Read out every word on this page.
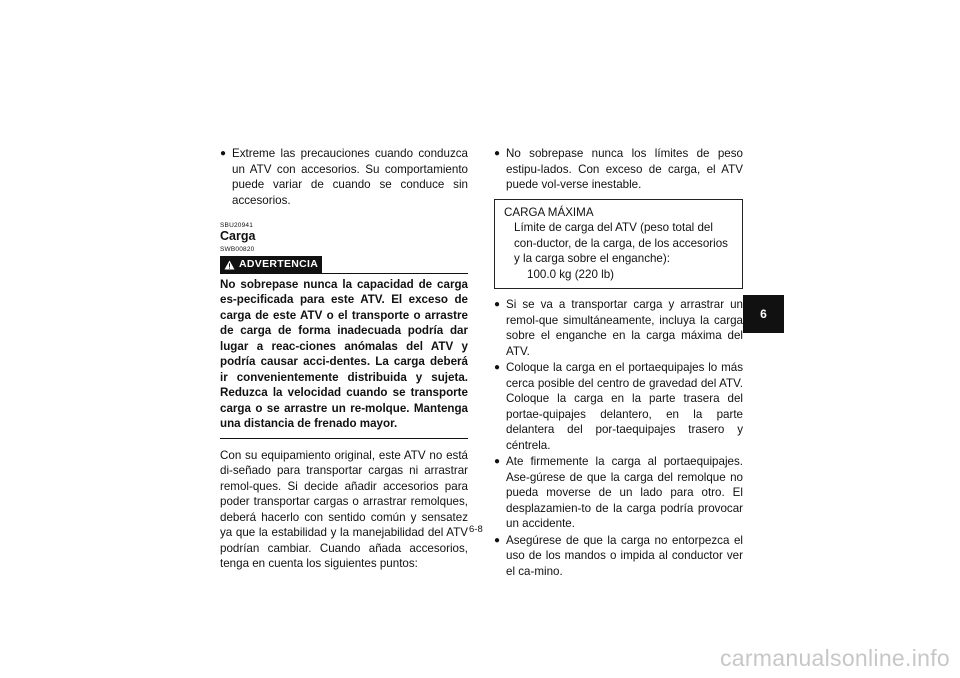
● Extreme las precauciones cuando conduzca un ATV con accesorios. Su comportamiento puede variar de cuando se conduce sin accesorios.
SBU20941
Carga
SWB00820
ADVERTENCIA
No sobrepase nunca la capacidad de carga es-pecificada para este ATV. El exceso de carga de este ATV o el transporte o arrastre de carga de forma inadecuada podría dar lugar a reac-ciones anómalas del ATV y podría causar acci-dentes. La carga deberá ir convenientemente distribuida y sujeta. Reduzca la velocidad cuando se transporte carga o se arrastre un re-molque. Mantenga una distancia de frenado mayor.
Con su equipamiento original, este ATV no está di-señado para transportar cargas ni arrastrar remol-ques. Si decide añadir accesorios para poder transportar cargas o arrastrar remolques, deberá hacerlo con sentido común y sensatez ya que la estabilidad y la manejabilidad del ATV podrían cambiar. Cuando añada accesorios, tenga en cuenta los siguientes puntos:
● No sobrepase nunca los límites de peso estipu-lados. Con exceso de carga, el ATV puede vol-verse inestable.
CARGA MÁXIMA
Límite de carga del ATV (peso total del con-ductor, de la carga, de los accesorios y la carga sobre el enganche):
100.0 kg (220 lb)
● Si se va a transportar carga y arrastrar un remol-que simultáneamente, incluya la carga sobre el enganche en la carga máxima del ATV.
● Coloque la carga en el portaequipajes lo más cerca posible del centro de gravedad del ATV. Coloque la carga en la parte trasera del portae-quipajes delantero, en la parte delantera del por-taequipajes trasero y céntrela.
● Ate firmemente la carga al portaequipajes. Ase-gúrese de que la carga del remolque no pueda moverse de un lado para otro. El desplazamien-to de la carga podría provocar un accidente.
● Asegúrese de que la carga no entorpezca el uso de los mandos o impida al conductor ver el ca-mino.
6
6-8
carmanualsonline.info
